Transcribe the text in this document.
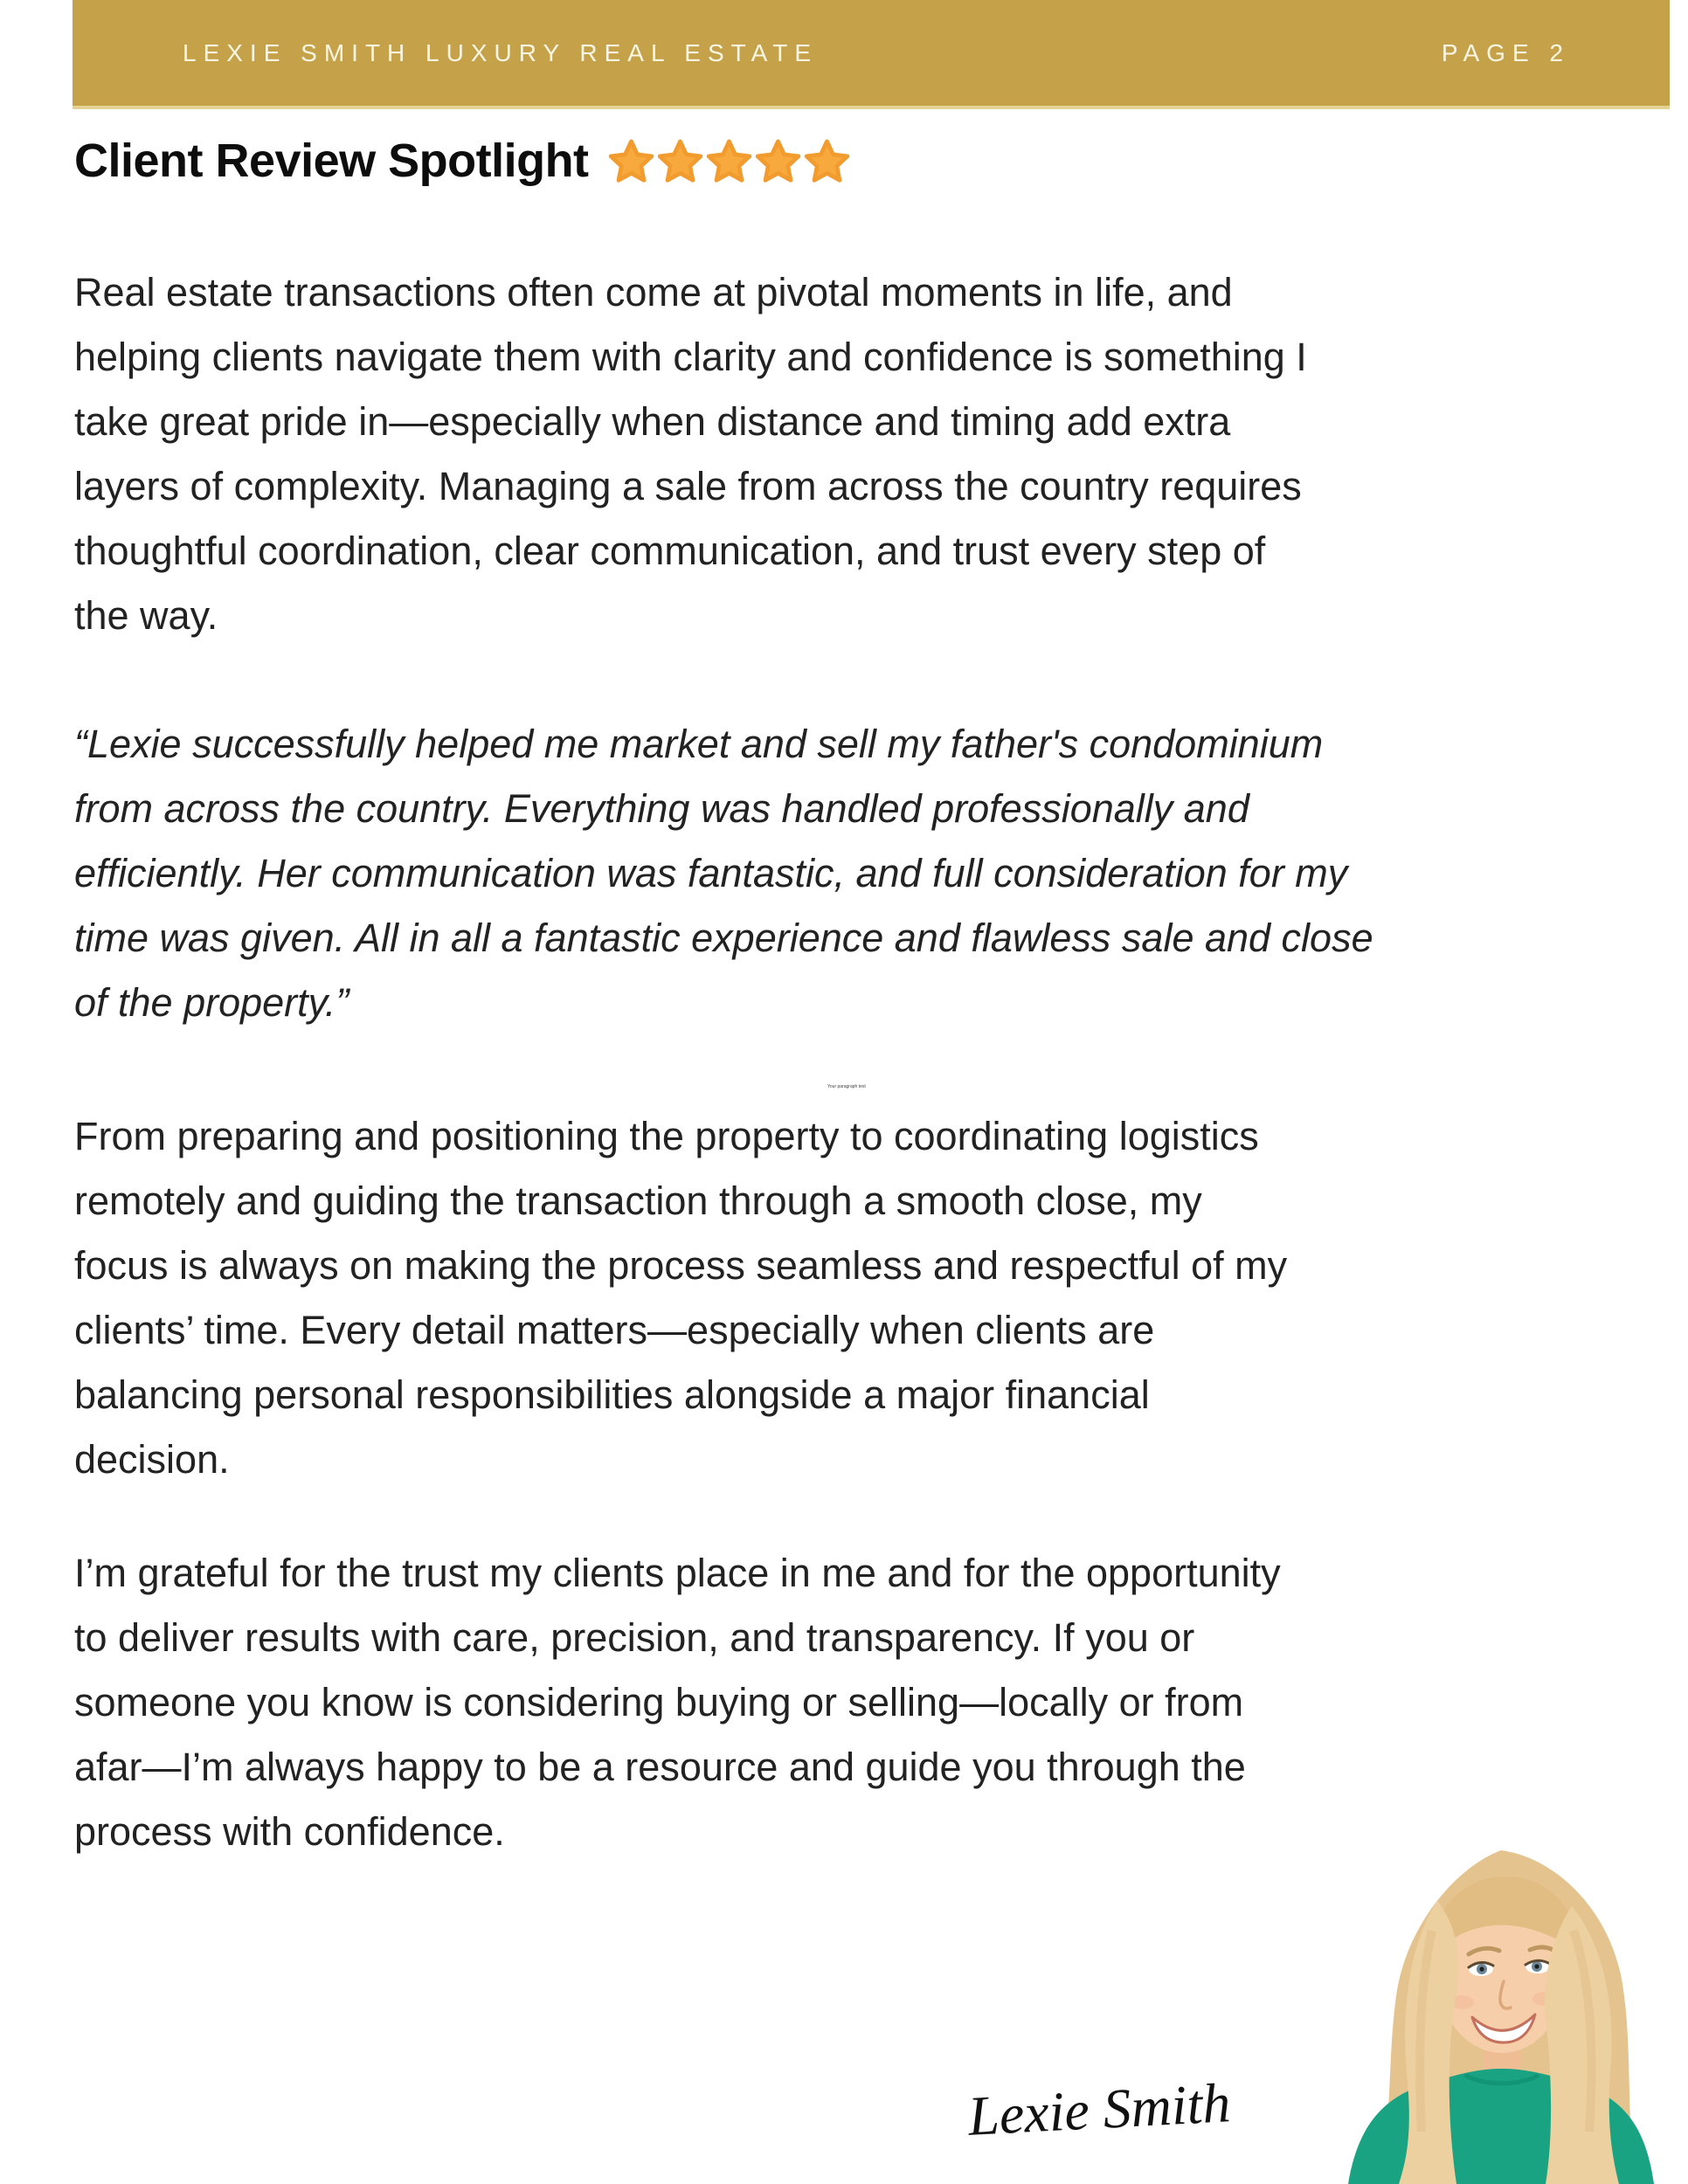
LEXIE SMITH LUXURY REAL ESTATE	PAGE 2
Client Review Spotlight
Real estate transactions often come at pivotal moments in life, and
helping clients navigate them with clarity and confidence is something I
take great pride in—especially when distance and timing add extra
layers of complexity. Managing a sale from across the country requires
thoughtful coordination, clear communication, and trust every step of
the way.
“Lexie successfully helped me market and sell my father's condominium
from across the country. Everything was handled professionally and
efficiently. Her communication was fantastic, and full consideration for my
time was given. All in all a fantastic experience and flawless sale and close
of the property.”
Your paragraph text
From preparing and positioning the property to coordinating logistics
remotely and guiding the transaction through a smooth close, my
focus is always on making the process seamless and respectful of my
clients’ time. Every detail matters—especially when clients are
balancing personal responsibilities alongside a major financial
decision.
I’m grateful for the trust my clients place in me and for the opportunity
to deliver results with care, precision, and transparency. If you or
someone you know is considering buying or selling—locally or from
afar—I’m always happy to be a resource and guide you through the
process with confidence.
Lexie Smith
